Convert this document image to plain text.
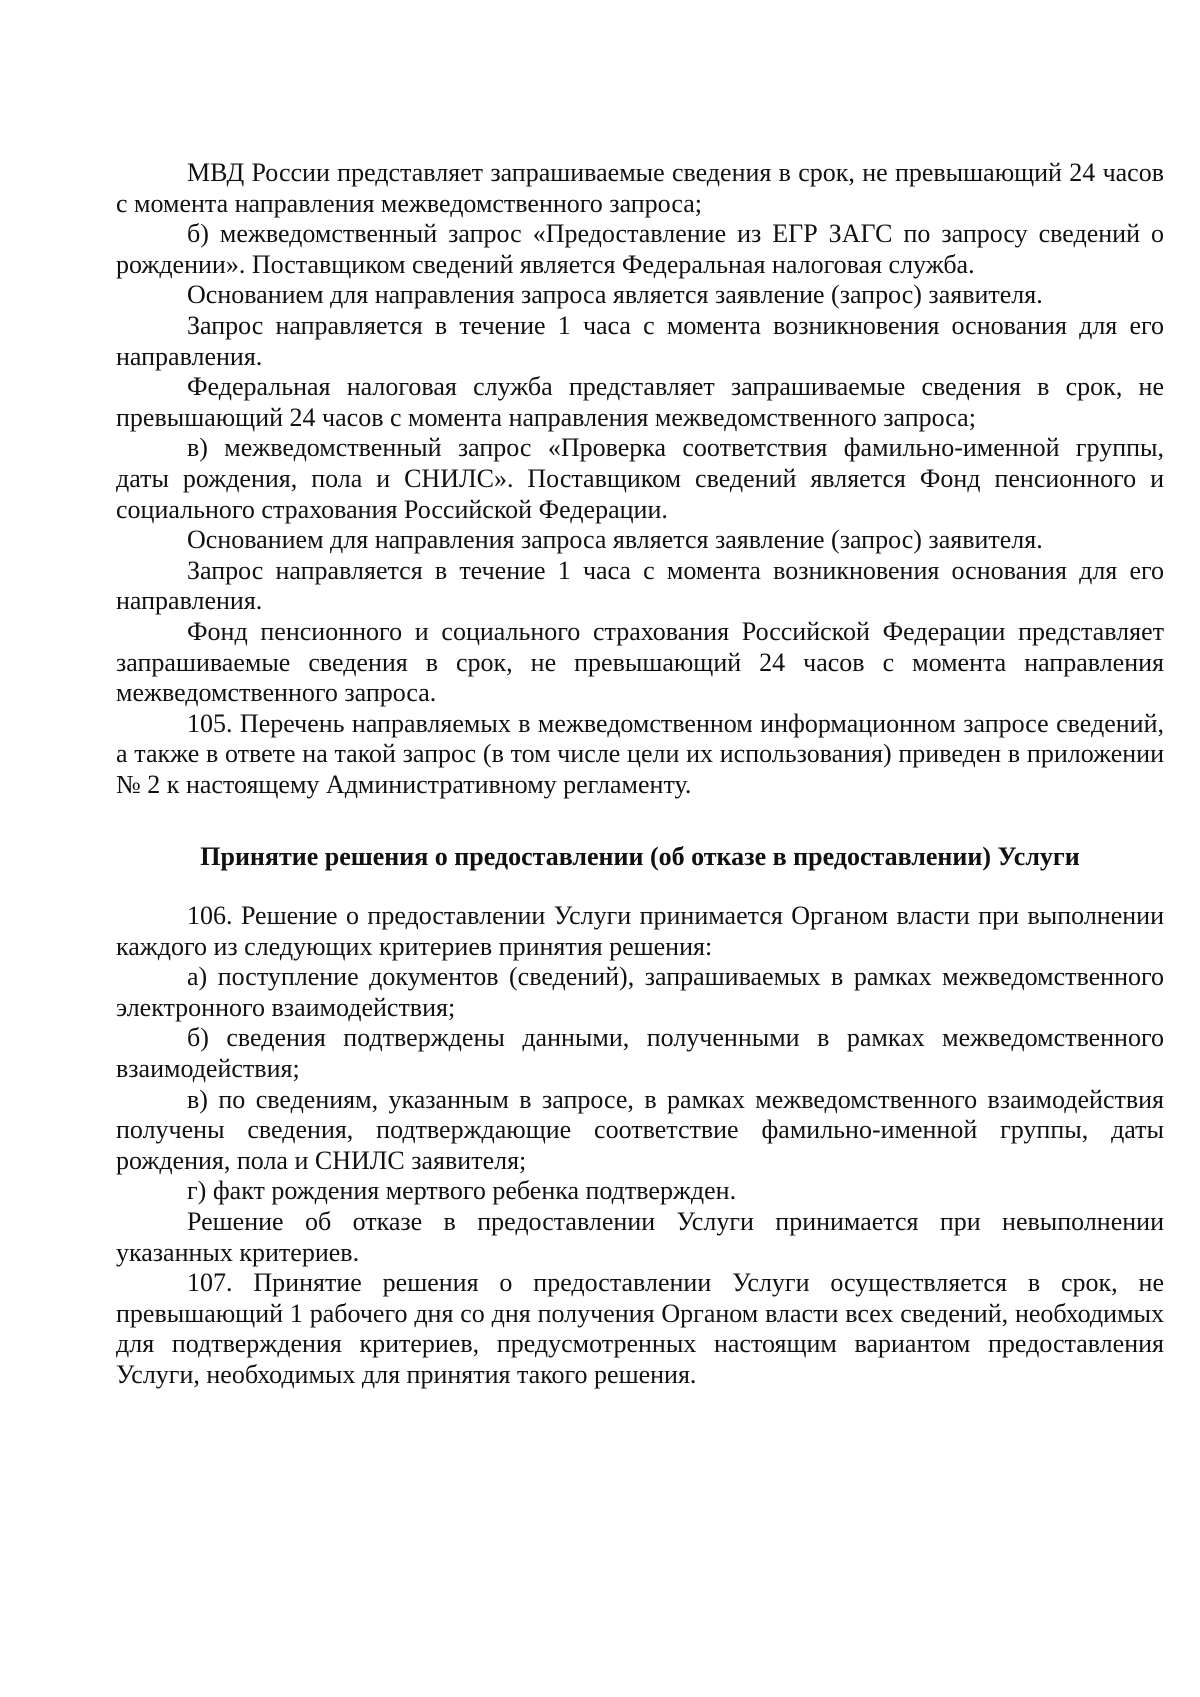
МВД России представляет запрашиваемые сведения в срок, не превышающий 24 часов с момента направления межведомственного запроса;

б) межведомственный запрос «Предоставление из ЕГР ЗАГС по запросу сведений о рождении». Поставщиком сведений является Федеральная налоговая служба.

Основанием для направления запроса является заявление (запрос) заявителя.

Запрос направляется в течение 1 часа с момента возникновения основания для его направления.

Федеральная налоговая служба представляет запрашиваемые сведения в срок, не превышающий 24 часов с момента направления межведомственного запроса;

в) межведомственный запрос «Проверка соответствия фамильно-именной группы, даты рождения, пола и СНИЛС». Поставщиком сведений является Фонд пенсионного и социального страхования Российской Федерации.

Основанием для направления запроса является заявление (запрос) заявителя.

Запрос направляется в течение 1 часа с момента возникновения основания для его направления.

Фонд пенсионного и социального страхования Российской Федерации представляет запрашиваемые сведения в срок, не превышающий 24 часов с момента направления межведомственного запроса.

105. Перечень направляемых в межведомственном информационном запросе сведений, а также в ответе на такой запрос (в том числе цели их использования) приведен в приложении № 2 к настоящему Административному регламенту.

Принятие решения о предоставлении (об отказе в предоставлении) Услуги

106. Решение о предоставлении Услуги принимается Органом власти при выполнении каждого из следующих критериев принятия решения:

а) поступление документов (сведений), запрашиваемых в рамках межведомственного электронного взаимодействия;

б) сведения подтверждены данными, полученными в рамках межведомственного взаимодействия;

в) по сведениям, указанным в запросе, в рамках межведомственного взаимодействия получены сведения, подтверждающие соответствие фамильно-именной группы, даты рождения, пола и СНИЛС заявителя;

г) факт рождения мертвого ребенка подтвержден.

Решение об отказе в предоставлении Услуги принимается при невыполнении указанных критериев.

107. Принятие решения о предоставлении Услуги осуществляется в срок, не превышающий 1 рабочего дня со дня получения Органом власти всех сведений, необходимых для подтверждения критериев, предусмотренных настоящим вариантом предоставления Услуги, необходимых для принятия такого решения.
